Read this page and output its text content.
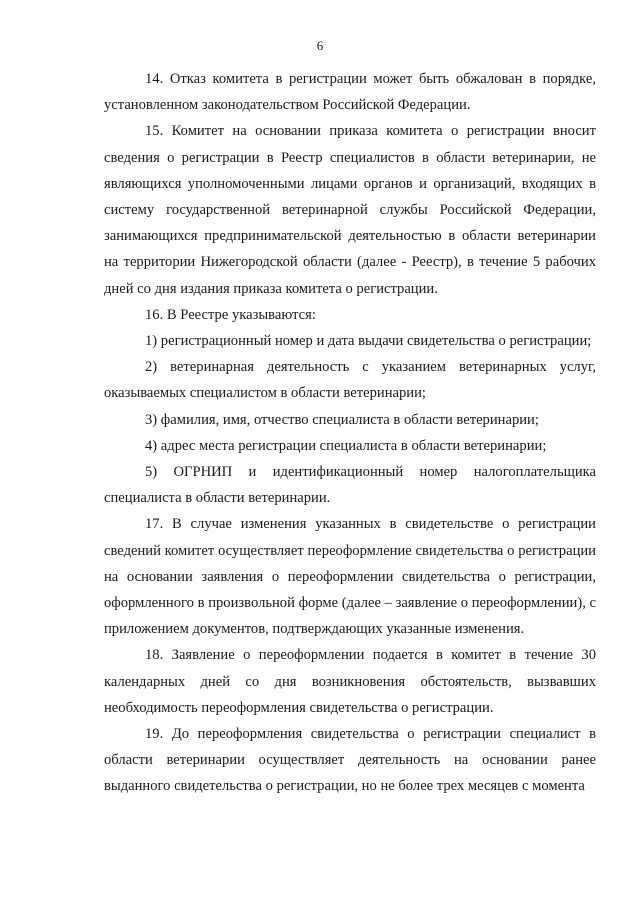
6

14. Отказ комитета в регистрации может быть обжалован в порядке, установленном законодательством Российской Федерации.

15. Комитет на основании приказа комитета о регистрации вносит сведения о регистрации в Реестр специалистов в области ветеринарии, не являющихся уполномоченными лицами органов и организаций, входящих в систему государственной ветеринарной службы Российской Федерации, занимающихся предпринимательской деятельностью в области ветеринарии на территории Нижегородской области (далее - Реестр), в течение 5 рабочих дней со дня издания приказа комитета о регистрации.

16. В Реестре указываются:

1) регистрационный номер и дата выдачи свидетельства о регистрации;

2) ветеринарная деятельность с указанием ветеринарных услуг, оказываемых специалистом в области ветеринарии;

3) фамилия, имя, отчество специалиста в области ветеринарии;

4) адрес места регистрации специалиста в области ветеринарии;

5) ОГРНИП и идентификационный номер налогоплательщика специалиста в области ветеринарии.

17. В случае изменения указанных в свидетельстве о регистрации сведений комитет осуществляет переоформление свидетельства о регистрации на основании заявления о переоформлении свидетельства о регистрации, оформленного в произвольной форме (далее – заявление о переоформлении), с приложением документов, подтверждающих указанные изменения.

18. Заявление о переоформлении подается в комитет в течение 30 календарных дней со дня возникновения обстоятельств, вызвавших необходимость переоформления свидетельства о регистрации.

19. До переоформления свидетельства о регистрации специалист в области ветеринарии осуществляет деятельность на основании ранее выданного свидетельства о регистрации, но не более трех месяцев с момента
